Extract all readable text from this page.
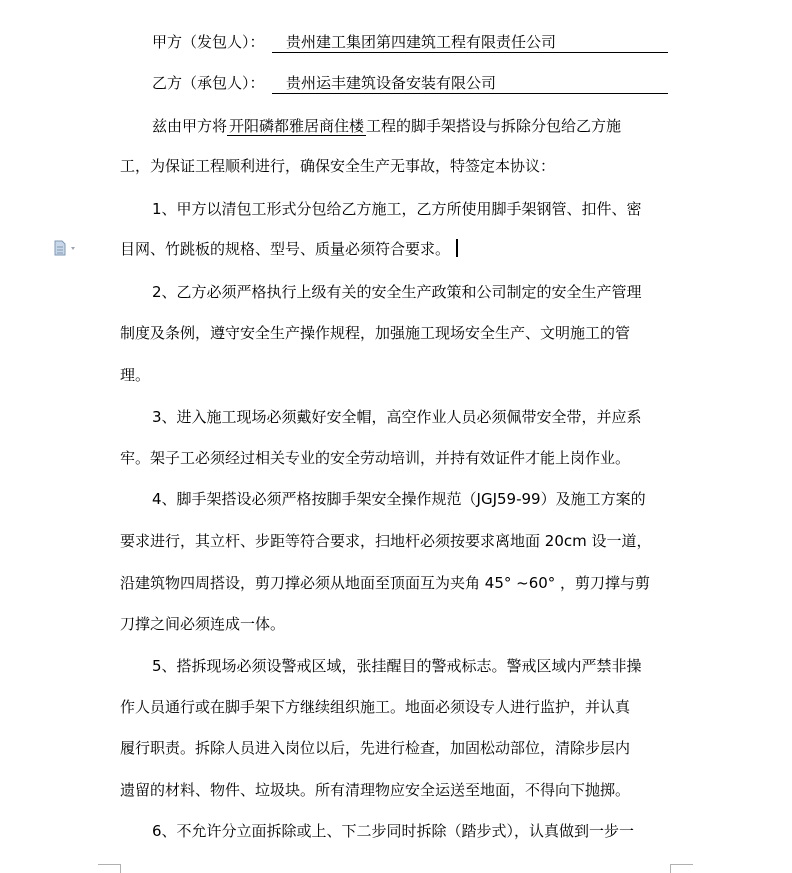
甲方（发包人）： 贵州建工集团第四建筑工程有限责任公司
乙方（承包人）： 贵州运丰建筑设备安装有限公司
兹由甲方将 开阳磷都雅居商住楼 工程的脚手架搭设与拆除分包给乙方施
工，为保证工程顺利进行，确保安全生产无事故，特签定本协议：
1、甲方以清包工形式分包给乙方施工，乙方所使用脚手架钢管、扣件、密
目网、竹跳板的规格、型号、质量必须符合要求。
2、乙方必须严格执行上级有关的安全生产政策和公司制定的安全生产管理
制度及条例，遵守安全生产操作规程，加强施工现场安全生产、文明施工的管
理。
3、进入施工现场必须戴好安全帽，高空作业人员必须佩带安全带，并应系
牢。架子工必须经过相关专业的安全劳动培训，并持有效证件才能上岗作业。
4、脚手架搭设必须严格按脚手架安全操作规范（JGJ59-99）及施工方案的
要求进行，其立杆、步距等符合要求，扫地杆必须按要求离地面 20cm 设一道，
沿建筑物四周搭设，剪刀撑必须从地面至顶面互为夹角 45° ~60° ，剪刀撑与剪
刀撑之间必须连成一体。
5、搭拆现场必须设警戒区域，张挂醒目的警戒标志。警戒区域内严禁非操
作人员通行或在脚手架下方继续组织施工。地面必须设专人进行监护，并认真
履行职责。拆除人员进入岗位以后，先进行检查，加固松动部位，清除步层内
遗留的材料、物件、垃圾块。所有清理物应安全运送至地面，不得向下抛掷。
6、不允许分立面拆除或上、下二步同时拆除（踏步式），认真做到一步一
